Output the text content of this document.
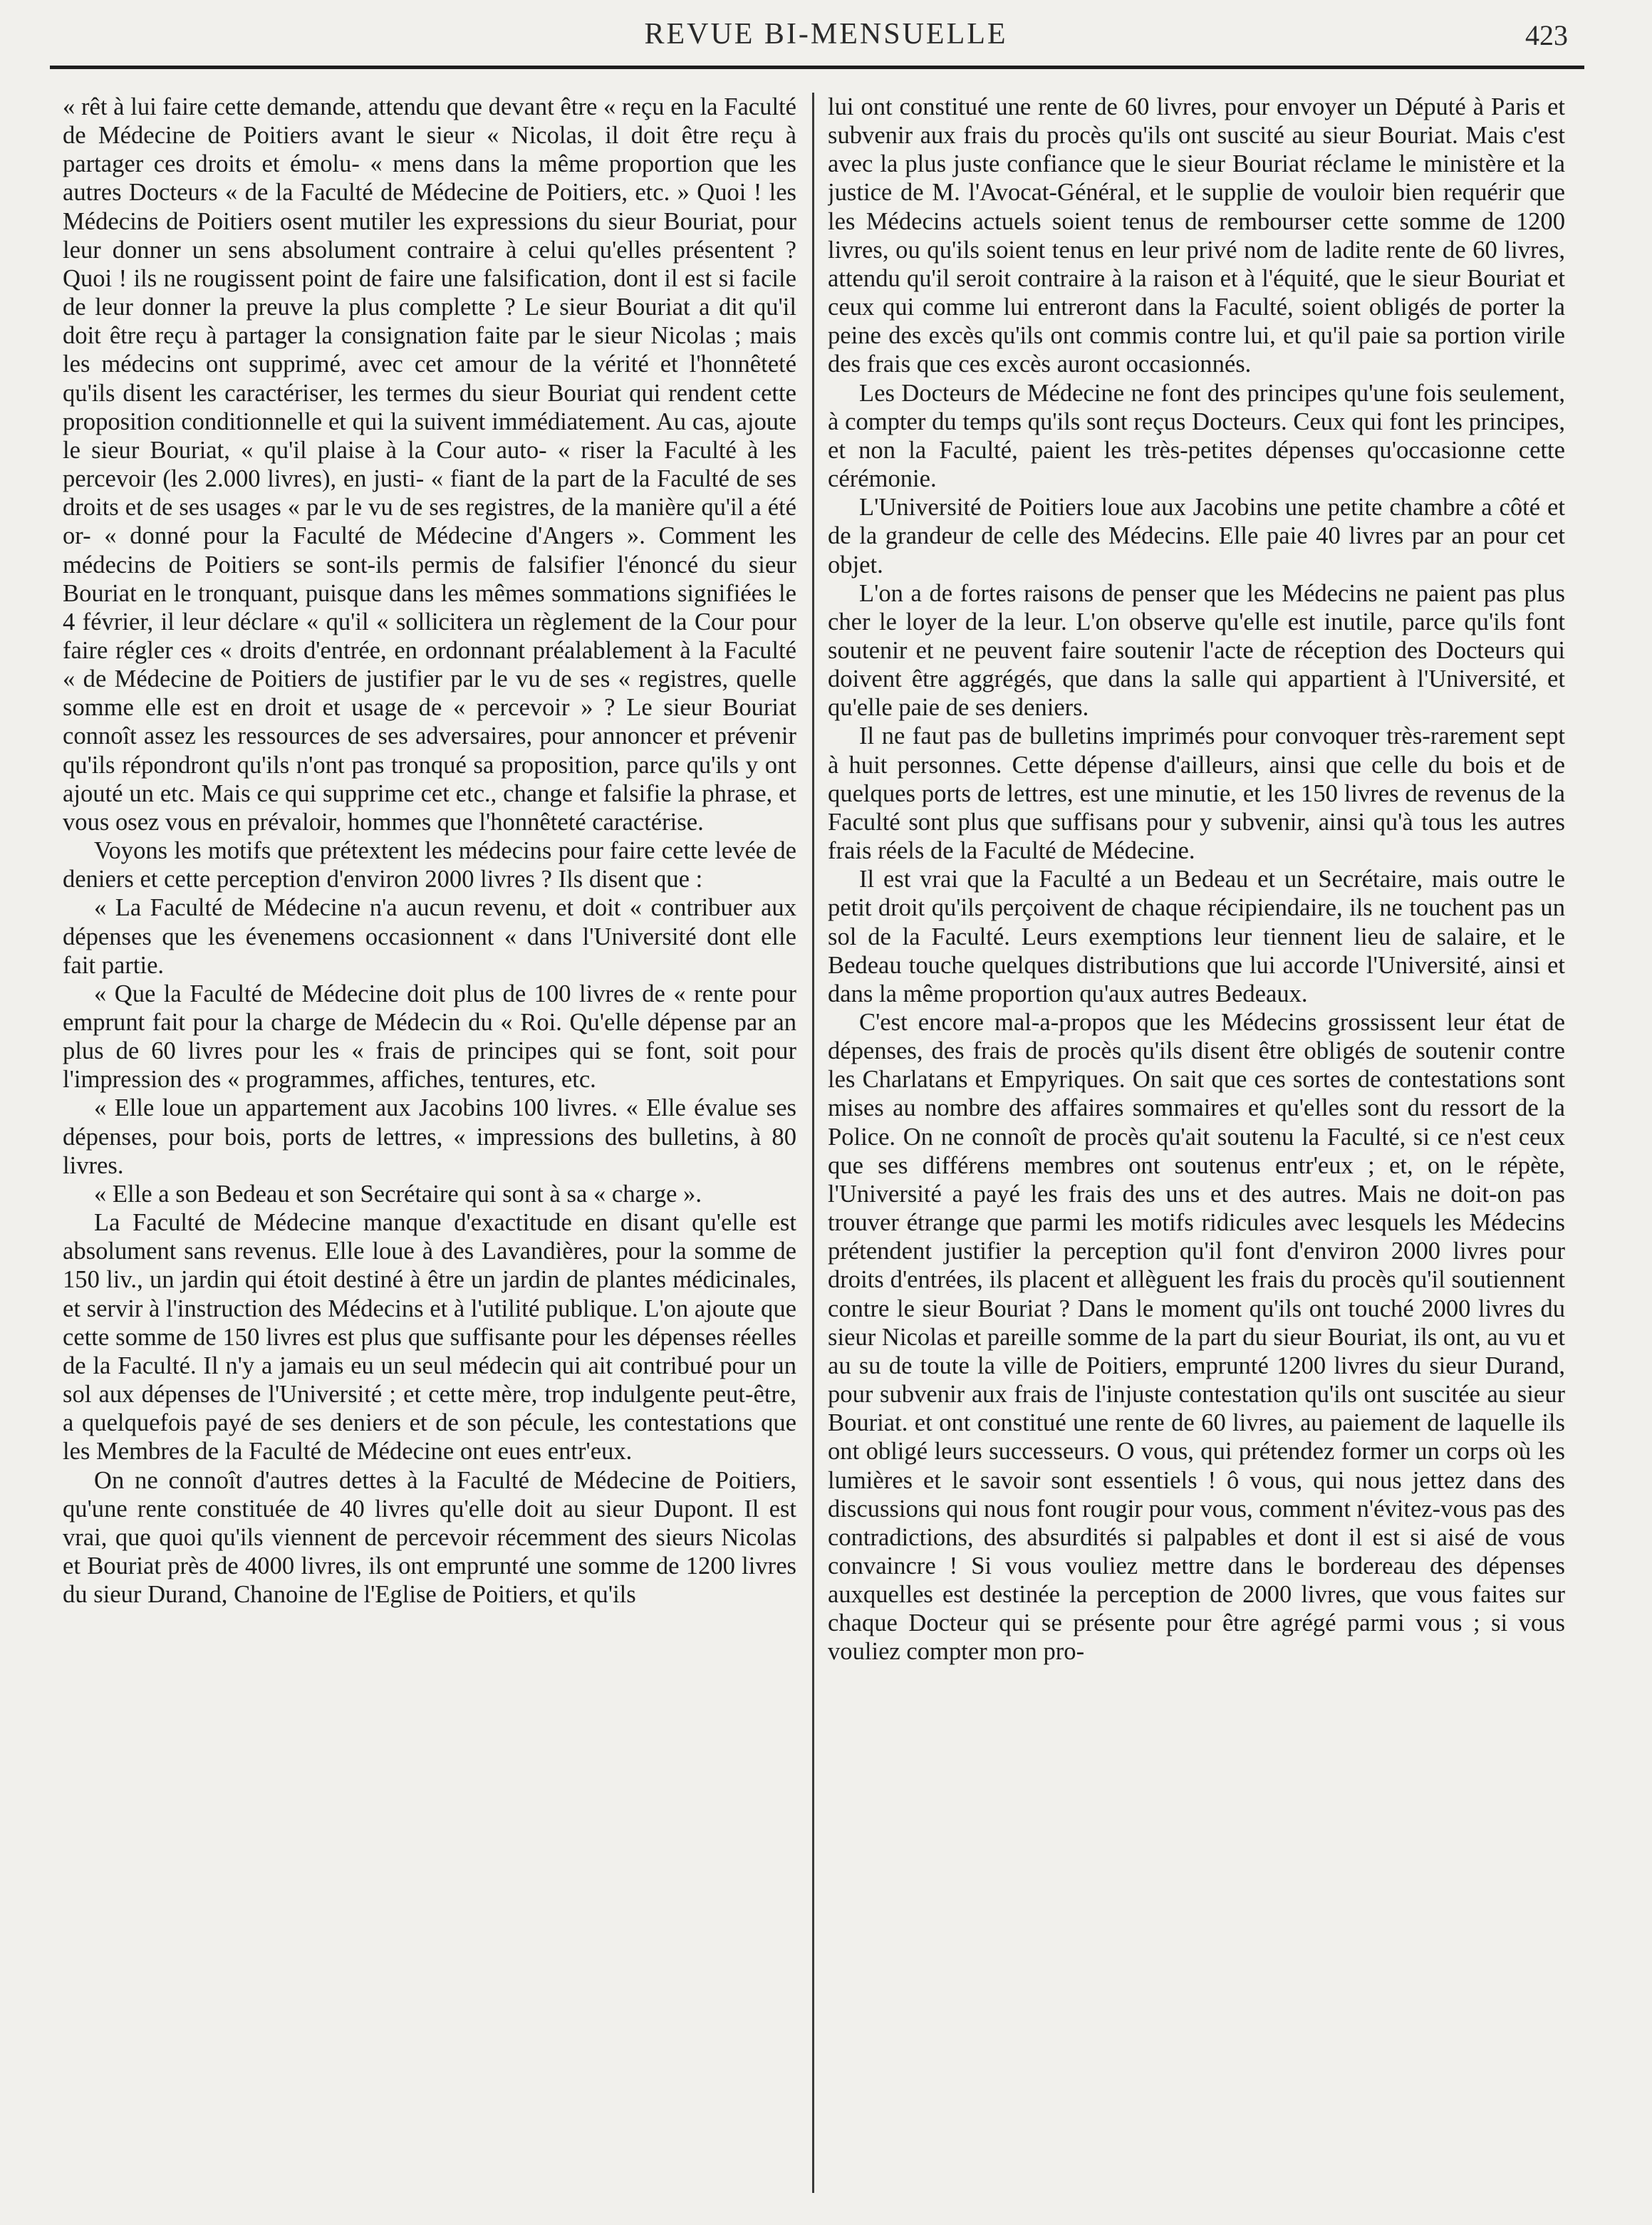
REVUE BI-MENSUELLE	423

« rêt à lui faire cette demande, attendu que devant être « reçu en la Faculté de Médecine de Poitiers avant le sieur « Nicolas, il doit être reçu à partager ces droits et émolu- « mens dans la même proportion que les autres Docteurs « de la Faculté de Médecine de Poitiers, etc. » Quoi ! les Médecins de Poitiers osent mutiler les expressions du sieur Bouriat, pour leur donner un sens absolument contraire à celui qu'elles présentent ? Quoi ! ils ne rougissent point de faire une falsification, dont il est si facile de leur donner la preuve la plus complette ? Le sieur Bouriat a dit qu'il doit être reçu à partager la consignation faite par le sieur Nicolas ; mais les médecins ont supprimé, avec cet amour de la vérité et l'honnêteté qu'ils disent les caractériser, les termes du sieur Bouriat qui rendent cette proposition conditionnelle et qui la suivent immédiatement. Au cas, ajoute le sieur Bouriat, « qu'il plaise à la Cour auto- « riser la Faculté à les percevoir (les 2.000 livres), en justi- « fiant de la part de la Faculté de ses droits et de ses usages « par le vu de ses registres, de la manière qu'il a été or- « donné pour la Faculté de Médecine d'Angers ». Comment les médecins de Poitiers se sont-ils permis de falsifier l'énoncé du sieur Bouriat en le tronquant, puisque dans les mêmes sommations signifiées le 4 février, il leur déclare « qu'il « sollicitera un règlement de la Cour pour faire régler ces « droits d'entrée, en ordonnant préalablement à la Faculté « de Médecine de Poitiers de justifier par le vu de ses « registres, quelle somme elle est en droit et usage de « percevoir » ? Le sieur Bouriat connoît assez les ressources de ses adversaires, pour annoncer et prévenir qu'ils répondront qu'ils n'ont pas tronqué sa proposition, parce qu'ils y ont ajouté un etc. Mais ce qui supprime cet etc., change et falsifie la phrase, et vous osez vous en prévaloir, hommes que l'honnêteté caractérise.

Voyons les motifs que prétextent les médecins pour faire cette levée de deniers et cette perception d'environ 2000 livres ? Ils disent que :

« La Faculté de Médecine n'a aucun revenu, et doit « contribuer aux dépenses que les évenemens occasionnent « dans l'Université dont elle fait partie.

« Que la Faculté de Médecine doit plus de 100 livres de « rente pour emprunt fait pour la charge de Médecin du « Roi. Qu'elle dépense par an plus de 60 livres pour les « frais de principes qui se font, soit pour l'impression des « programmes, affiches, tentures, etc.

« Elle loue un appartement aux Jacobins 100 livres. « Elle évalue ses dépenses, pour bois, ports de lettres, « impressions des bulletins, à 80 livres.

« Elle a son Bedeau et son Secrétaire qui sont à sa « charge ».

La Faculté de Médecine manque d'exactitude en disant qu'elle est absolument sans revenus. Elle loue à des Lavandières, pour la somme de 150 liv., un jardin qui étoit destiné à être un jardin de plantes médicinales, et servir à l'instruction des Médecins et à l'utilité publique. L'on ajoute que cette somme de 150 livres est plus que suffisante pour les dépenses réelles de la Faculté. Il n'y a jamais eu un seul médecin qui ait contribué pour un sol aux dépenses de l'Université ; et cette mère, trop indulgente peut-être, a quelquefois payé de ses deniers et de son pécule, les contestations que les Membres de la Faculté de Médecine ont eues entr'eux.

On ne connoît d'autres dettes à la Faculté de Médecine de Poitiers, qu'une rente constituée de 40 livres qu'elle doit au sieur Dupont. Il est vrai, que quoi qu'ils viennent de percevoir récemment des sieurs Nicolas et Bouriat près de 4000 livres, ils ont emprunté une somme de 1200 livres du sieur Durand, Chanoine de l'Eglise de Poitiers, et qu'ils

lui ont constitué une rente de 60 livres, pour envoyer un Député à Paris et subvenir aux frais du procès qu'ils ont suscité au sieur Bouriat. Mais c'est avec la plus juste confiance que le sieur Bouriat réclame le ministère et la justice de M. l'Avocat-Général, et le supplie de vouloir bien requérir que les Médecins actuels soient tenus de rembourser cette somme de 1200 livres, ou qu'ils soient tenus en leur privé nom de ladite rente de 60 livres, attendu qu'il seroit contraire à la raison et à l'équité, que le sieur Bouriat et ceux qui comme lui entreront dans la Faculté, soient obligés de porter la peine des excès qu'ils ont commis contre lui, et qu'il paie sa portion virile des frais que ces excès auront occasionnés.

Les Docteurs de Médecine ne font des principes qu'une fois seulement, à compter du temps qu'ils sont reçus Docteurs. Ceux qui font les principes, et non la Faculté, paient les très-petites dépenses qu'occasionne cette cérémonie.

L'Université de Poitiers loue aux Jacobins une petite chambre a côté et de la grandeur de celle des Médecins. Elle paie 40 livres par an pour cet objet.

L'on a de fortes raisons de penser que les Médecins ne paient pas plus cher le loyer de la leur. L'on observe qu'elle est inutile, parce qu'ils font soutenir et ne peuvent faire soutenir l'acte de réception des Docteurs qui doivent être aggrégés, que dans la salle qui appartient à l'Université, et qu'elle paie de ses deniers.

Il ne faut pas de bulletins imprimés pour convoquer très-rarement sept à huit personnes. Cette dépense d'ailleurs, ainsi que celle du bois et de quelques ports de lettres, est une minutie, et les 150 livres de revenus de la Faculté sont plus que suffisans pour y subvenir, ainsi qu'à tous les autres frais réels de la Faculté de Médecine.

Il est vrai que la Faculté a un Bedeau et un Secrétaire, mais outre le petit droit qu'ils perçoivent de chaque récipiendaire, ils ne touchent pas un sol de la Faculté. Leurs exemptions leur tiennent lieu de salaire, et le Bedeau touche quelques distributions que lui accorde l'Université, ainsi et dans la même proportion qu'aux autres Bedeaux.

C'est encore mal-a-propos que les Médecins grossissent leur état de dépenses, des frais de procès qu'ils disent être obligés de soutenir contre les Charlatans et Empyriques. On sait que ces sortes de contestations sont mises au nombre des affaires sommaires et qu'elles sont du ressort de la Police. On ne connoît de procès qu'ait soutenu la Faculté, si ce n'est ceux que ses différens membres ont soutenus entr'eux ; et, on le répète, l'Université a payé les frais des uns et des autres. Mais ne doit-on pas trouver étrange que parmi les motifs ridicules avec lesquels les Médecins prétendent justifier la perception qu'il font d'environ 2000 livres pour droits d'entrées, ils placent et allèguent les frais du procès qu'il soutiennent contre le sieur Bouriat ? Dans le moment qu'ils ont touché 2000 livres du sieur Nicolas et pareille somme de la part du sieur Bouriat, ils ont, au vu et au su de toute la ville de Poitiers, emprunté 1200 livres du sieur Durand, pour subvenir aux frais de l'injuste contestation qu'ils ont suscitée au sieur Bouriat. et ont constitué une rente de 60 livres, au paiement de laquelle ils ont obligé leurs successeurs. O vous, qui prétendez former un corps où les lumières et le savoir sont essentiels ! ô vous, qui nous jettez dans des discussions qui nous font rougir pour vous, comment n'évitez-vous pas des contradictions, des absurdités si palpables et dont il est si aisé de vous convaincre ! Si vous vouliez mettre dans le bordereau des dépenses auxquelles est destinée la perception de 2000 livres, que vous faites sur chaque Docteur qui se présente pour être agrégé parmi vous ; si vous vouliez compter mon pro-
